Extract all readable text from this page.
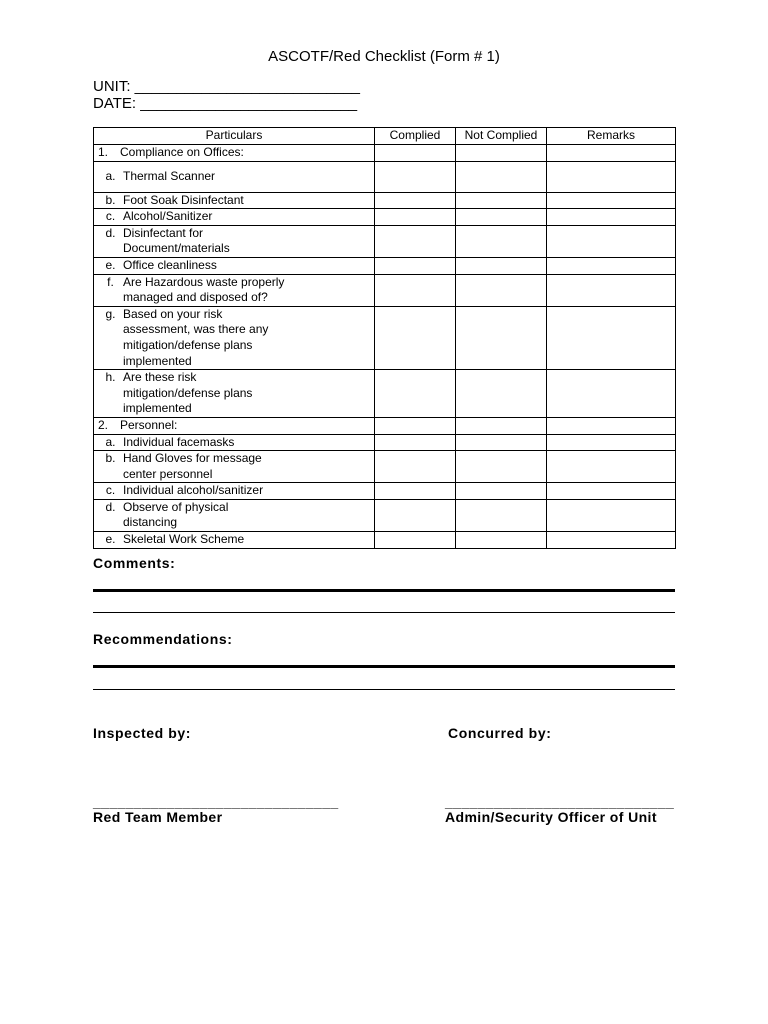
ASCOTF/Red Checklist (Form # 1)
UNIT: ___________________________
DATE: __________________________
Particulars	Complied	Not Complied	Remarks

1. Compliance on Offices:			

a. Thermal Scanner			

b. Foot Soak Disinfectant			

c. Alcohol/Sanitizer			

d. Disinfectant for Document/materials			

e. Office cleanliness			

f. Are Hazardous waste properly managed and disposed of?			

g. Based on your risk assessment, was there any mitigation/defense plans implemented			

h. Are these risk mitigation/defense plans implemented			

2. Personnel:			

a. Individual facemasks			

b. Hand Gloves for message center personnel			

c. Individual alcohol/sanitizer			

d. Observe of physical distancing			

e. Skeletal Work Scheme			

Comments:
Recommendations:
Inspected by:	Concurred by:
______________________________	____________________________
Red Team Member	Admin/Security Officer of Unit
